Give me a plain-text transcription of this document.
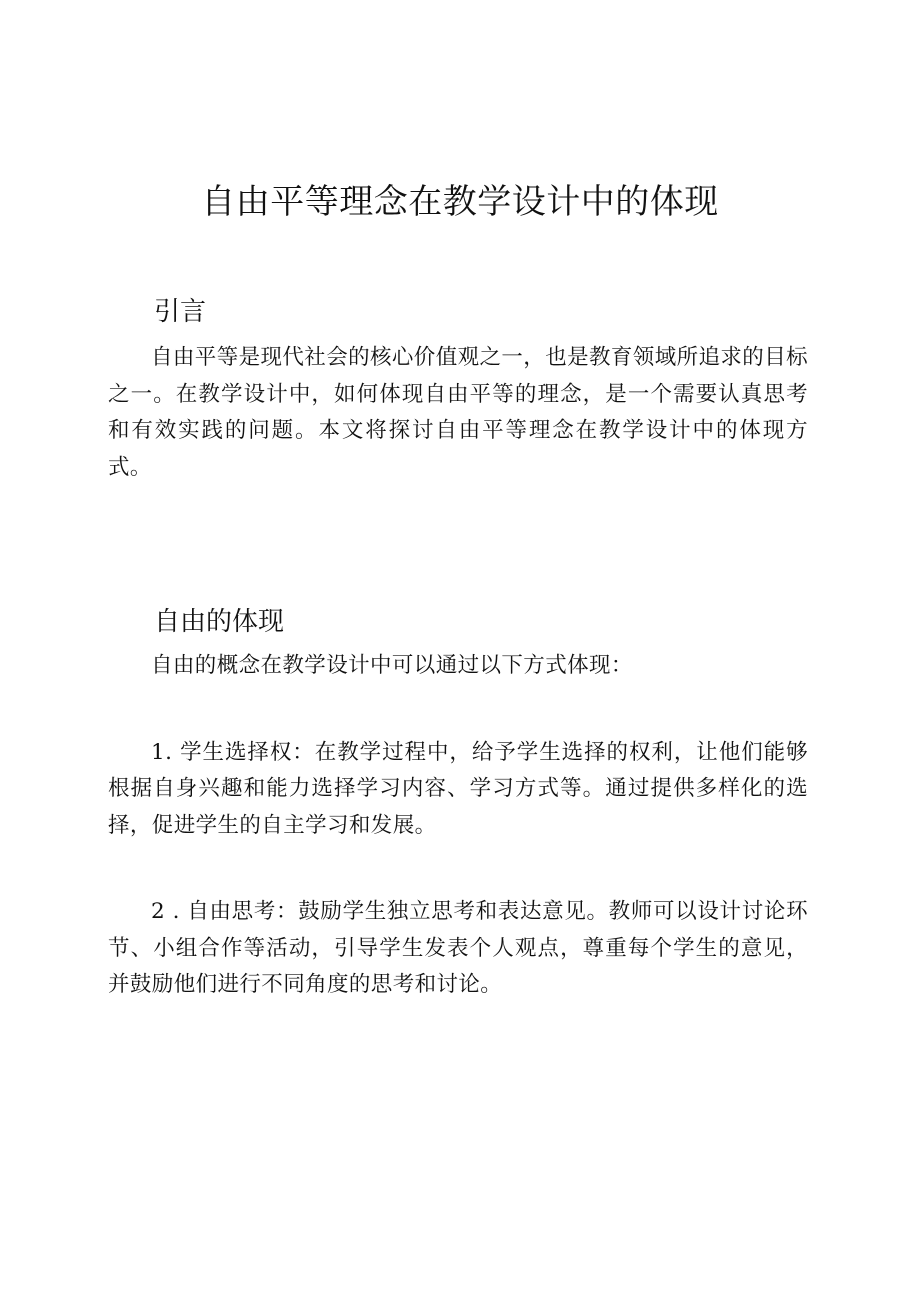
自由平等理念在教学设计中的体现
引言

自由平等是现代社会的核心价值观之一，也是教育领域所追求的目标之一。在教学设计中，如何体现自由平等的理念，是一个需要认真思考和有效实践的问题。本文将探讨自由平等理念在教学设计中的体现方式。

自由的体现

自由的概念在教学设计中可以通过以下方式体现：

1. 学生选择权：在教学过程中，给予学生选择的权利，让他们能够根据自身兴趣和能力选择学习内容、学习方式等。通过提供多样化的选择，促进学生的自主学习和发展。

2 . 自由思考：鼓励学生独立思考和表达意见。教师可以设计讨论环节、小组合作等活动，引导学生发表个人观点，尊重每个学生的意见，并鼓励他们进行不同角度的思考和讨论。
